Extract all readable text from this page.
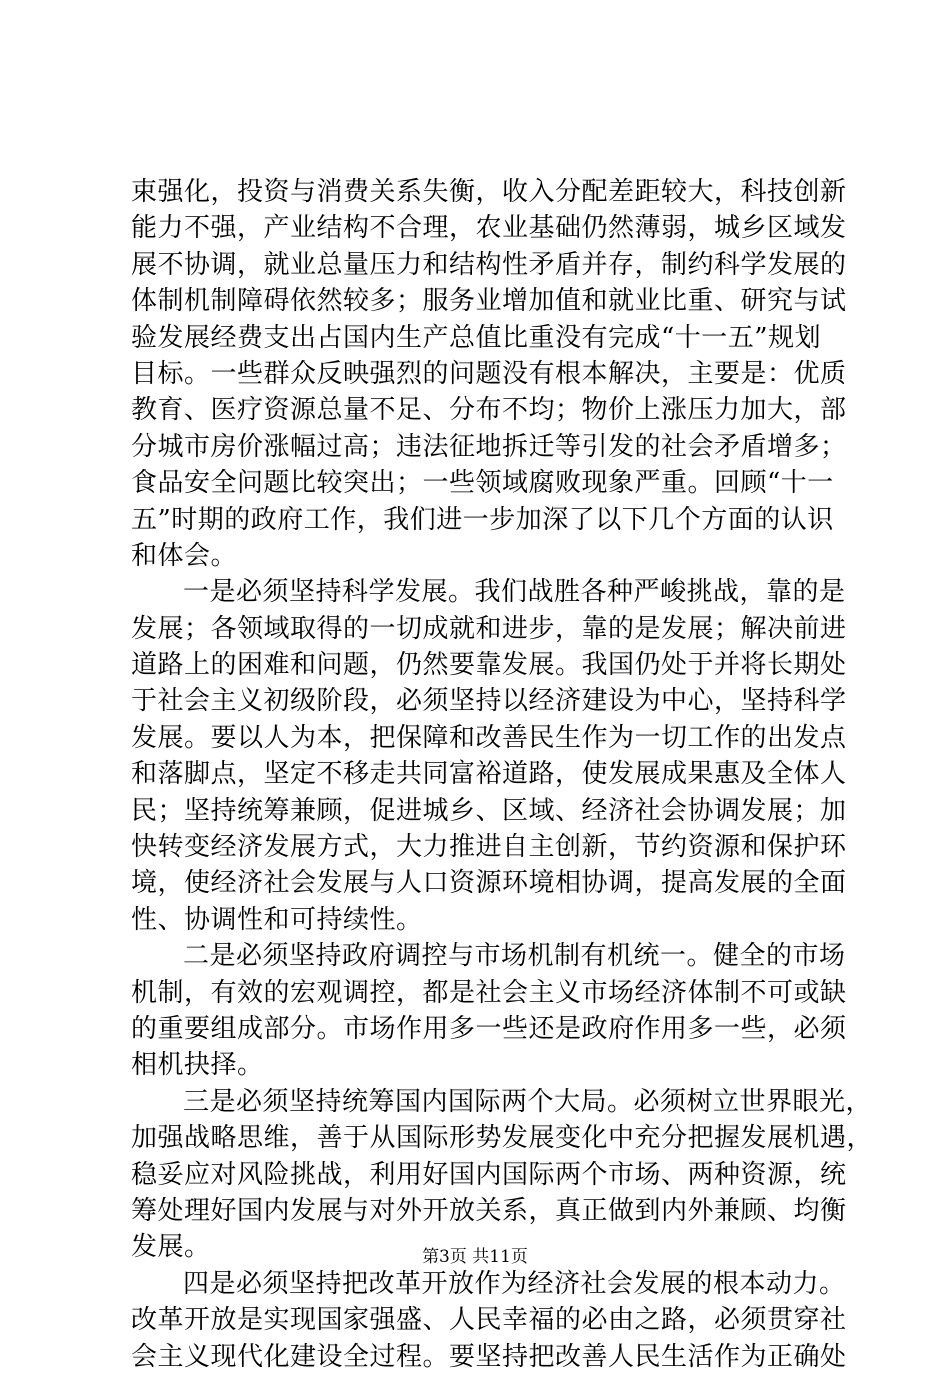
束强化，投资与消费关系失衡，收入分配差距较大，科技创新
能力不强，产业结构不合理，农业基础仍然薄弱，城乡区域发
展不协调，就业总量压力和结构性矛盾并存，制约科学发展的
体制机制障碍依然较多；服务业增加值和就业比重、研究与试
验发展经费支出占国内生产总值比重没有完成“十一五”规划
目标。一些群众反映强烈的问题没有根本解决，主要是：优质
教育、医疗资源总量不足、分布不均；物价上涨压力加大，部
分城市房价涨幅过高；违法征地拆迁等引发的社会矛盾增多；
食品安全问题比较突出；一些领域腐败现象严重。回顾“十一
五”时期的政府工作，我们进一步加深了以下几个方面的认识
和体会。
一是必须坚持科学发展。我们战胜各种严峻挑战，靠的是
发展；各领域取得的一切成就和进步，靠的是发展；解决前进
道路上的困难和问题，仍然要靠发展。我国仍处于并将长期处
于社会主义初级阶段，必须坚持以经济建设为中心，坚持科学
发展。要以人为本，把保障和改善民生作为一切工作的出发点
和落脚点，坚定不移走共同富裕道路，使发展成果惠及全体人
民；坚持统筹兼顾，促进城乡、区域、经济社会协调发展；加
快转变经济发展方式，大力推进自主创新，节约资源和保护环
境，使经济社会发展与人口资源环境相协调，提高发展的全面
性、协调性和可持续性。
二是必须坚持政府调控与市场机制有机统一。健全的市场
机制，有效的宏观调控，都是社会主义市场经济体制不可或缺
的重要组成部分。市场作用多一些还是政府作用多一些，必须
相机抉择。
三是必须坚持统筹国内国际两个大局。必须树立世界眼光，
加强战略思维，善于从国际形势发展变化中充分把握发展机遇，
稳妥应对风险挑战，利用好国内国际两个市场、两种资源，统
筹处理好国内发展与对外开放关系，真正做到内外兼顾、均衡
发展。
四是必须坚持把改革开放作为经济社会发展的根本动力。
改革开放是实现国家强盛、人民幸福的必由之路，必须贯穿社
会主义现代化建设全过程。要坚持把改善人民生活作为正确处
第3页 共11页
